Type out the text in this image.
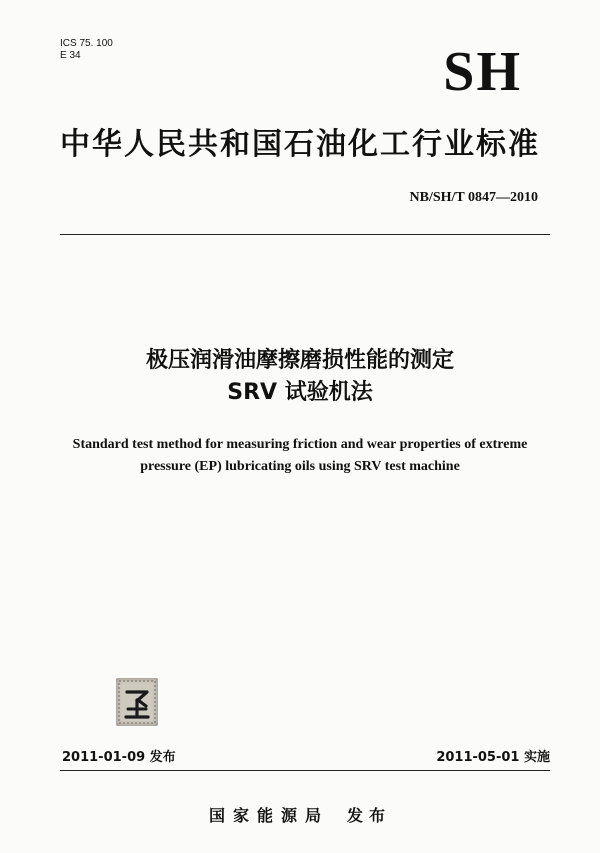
ICS 75. 100
E 34	SH
中华人民共和国石油化工行业标准
NB/SH/T 0847—2010
极压润滑油摩擦磨损性能的测定
SRV 试验机法
Standard test method for measuring friction and wear properties of extreme
pressure (EP) lubricating oils using SRV test machine
2011-01-09 发布	2011-05-01 实施
国家能源局 发布
